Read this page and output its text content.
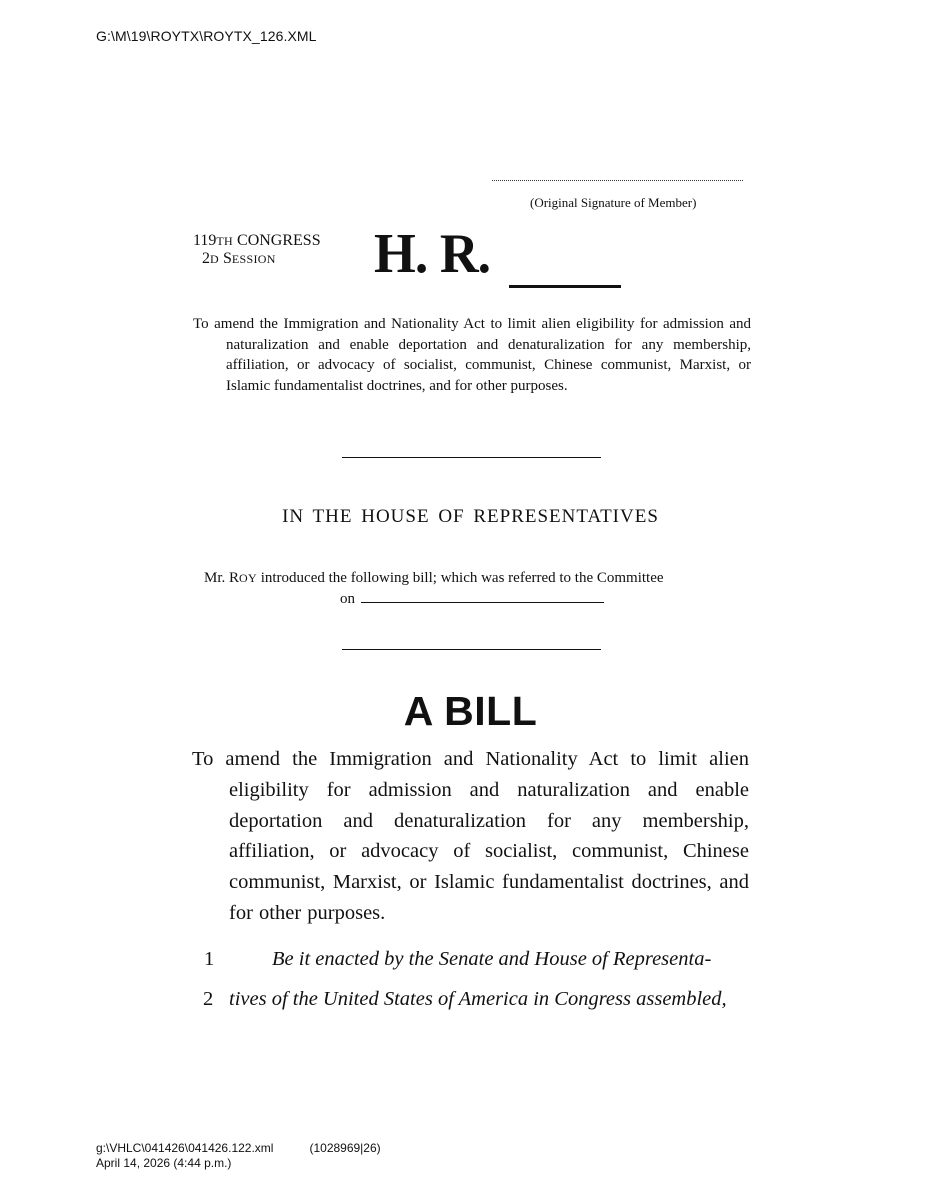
G:\M\19\ROYTX\ROYTX_126.XML
(Original Signature of Member)
119TH CONGRESS
2D SESSION	H. R.
To amend the Immigration and Nationality Act to limit alien eligibility for admission and naturalization and enable deportation and denaturalization for any membership, affiliation, or advocacy of socialist, communist, Chinese communist, Marxist, or Islamic fundamentalist doctrines, and for other purposes.
IN THE HOUSE OF REPRESENTATIVES
Mr. ROY introduced the following bill; which was referred to the Committee
on
A BILL
To amend the Immigration and Nationality Act to limit alien eligibility for admission and naturalization and enable deportation and denaturalization for any membership, affiliation, or advocacy of socialist, communist, Chinese communist, Marxist, or Islamic fundamentalist doctrines, and for other purposes.
1	Be it enacted by the Senate and House of Representa-
2 tives of the United States of America in Congress assembled,
g:\VHLC\041426\041426.122.xml	(1028969|26)
April 14, 2026 (4:44 p.m.)
